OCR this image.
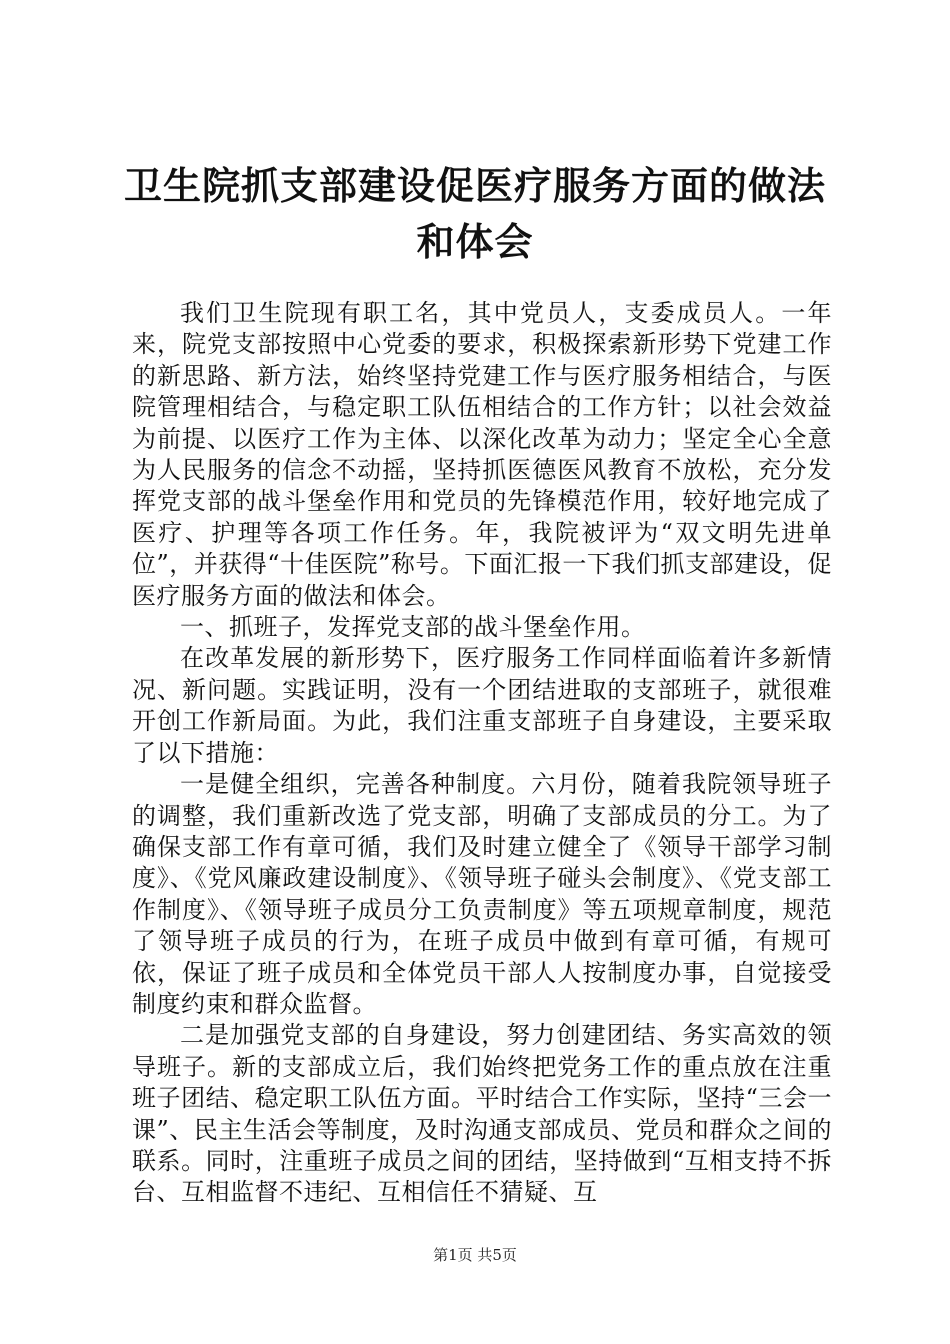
卫生院抓支部建设促医疗服务方面的做法和体会

我们卫生院现有职工名，其中党员人，支委成员人。一年来，院党支部按照中心党委的要求，积极探索新形势下党建工作的新思路、新方法，始终坚持党建工作与医疗服务相结合，与医院管理相结合，与稳定职工队伍相结合的工作方针；以社会效益为前提、以医疗工作为主体、以深化改革为动力；坚定全心全意为人民服务的信念不动摇，坚持抓医德医风教育不放松，充分发挥党支部的战斗堡垒作用和党员的先锋模范作用，较好地完成了医疗、护理等各项工作任务。年，我院被评为“双文明先进单位”，并获得“十佳医院”称号。下面汇报一下我们抓支部建设，促医疗服务方面的做法和体会。

一、抓班子，发挥党支部的战斗堡垒作用。

在改革发展的新形势下，医疗服务工作同样面临着许多新情况、新问题。实践证明，没有一个团结进取的支部班子，就很难开创工作新局面。为此，我们注重支部班子自身建设，主要采取了以下措施：

一是健全组织，完善各种制度。六月份，随着我院领导班子的调整，我们重新改选了党支部，明确了支部成员的分工。为了确保支部工作有章可循，我们及时建立健全了《领导干部学习制度》、《党风廉政建设制度》、《领导班子碰头会制度》、《党支部工作制度》、《领导班子成员分工负责制度》等五项规章制度，规范了领导班子成员的行为，在班子成员中做到有章可循，有规可依，保证了班子成员和全体党员干部人人按制度办事，自觉接受制度约束和群众监督。

二是加强党支部的自身建设，努力创建团结、务实高效的领导班子。新的支部成立后，我们始终把党务工作的重点放在注重班子团结、稳定职工队伍方面。平时结合工作实际，坚持“三会一课”、民主生活会等制度，及时沟通支部成员、党员和群众之间的联系。同时，注重班子成员之间的团结，坚持做到“互相支持不拆台、互相监督不违纪、互相信任不猜疑、互

第1页 共5页
